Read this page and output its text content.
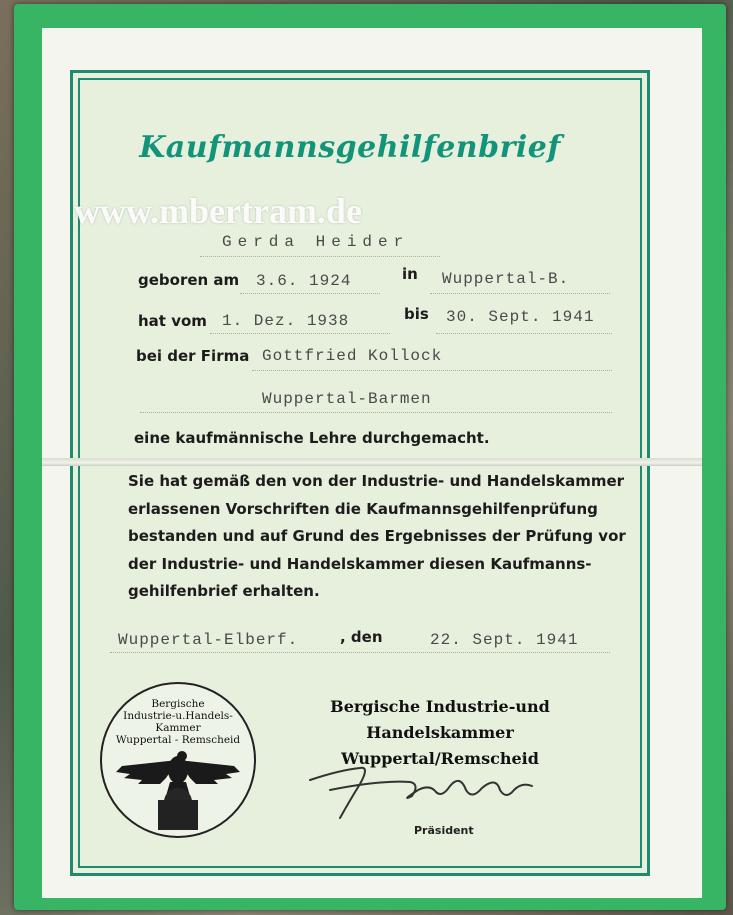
Kaufmannsgehilfenbrief
www.mbertram.de
Gerda Heider
geboren am 3.6. 1924	in Wuppertal-B.
hat vom 1. Dez. 1938	bis 30. Sept. 1941
bei der Firma Gottfried Kollock
Wuppertal-Barmen
eine kaufmännische Lehre durchgemacht.
Sie hat gemäß den von der Industrie- und Handelskammer
erlassenen Vorschriften die Kaufmannsgehilfenprüfung
bestanden und auf Grund des Ergebnisses der Prüfung vor
der Industrie- und Handelskammer diesen Kaufmanns-
gehilfenbrief erhalten.
Wuppertal-Elberf.	, den	22. Sept. 1941
Bergische Industrie-und Handelskammer
Wuppertal/Remscheid
Bergische
Industrie-u.Handels-
Kammer
Wuppertal - Remscheid
Präsident
